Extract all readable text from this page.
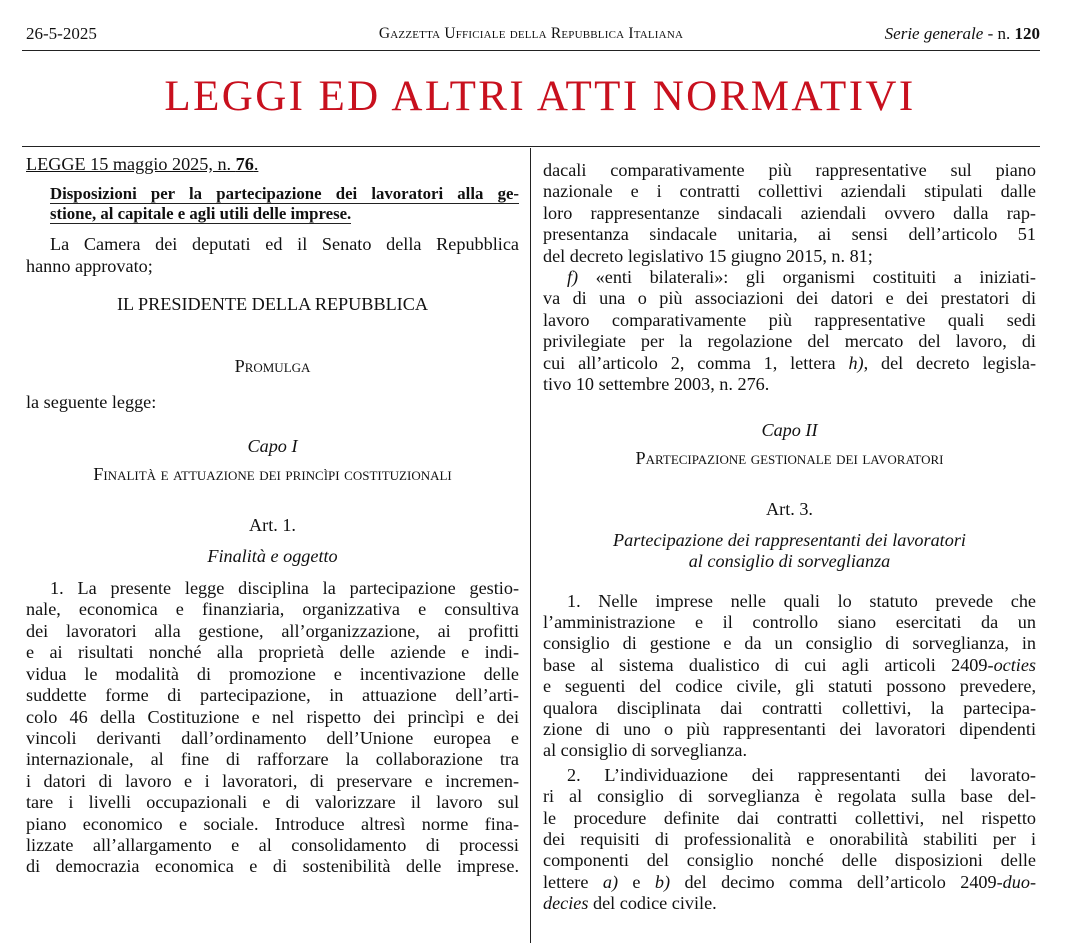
26-5-2025	Gazzetta Ufficiale della Repubblica Italiana	Serie generale - n. 120
LEGGI ED ALTRI ATTI NORMATIVI

LEGGE 15 maggio 2025, n. 76.

Disposizioni per la partecipazione dei lavoratori alla ge-
stione, al capitale e agli utili delle imprese.
La Camera dei deputati ed il Senato della Repubblica
hanno approvato;

IL PRESIDENTE DELLA REPUBBLICA

Promulga

la seguente legge:

Capo I

Finalità e attuazione dei princìpi costituzionali

Art. 1.

Finalità e oggetto

1. La presente legge disciplina la partecipazione gestio-
nale, economica e finanziaria, organizzativa e consultiva
dei lavoratori alla gestione, all’organizzazione, ai profitti
e ai risultati nonché alla proprietà delle aziende e indi-
vidua le modalità di promozione e incentivazione delle
suddette forme di partecipazione, in attuazione dell’arti-
colo 46 della Costituzione e nel rispetto dei princìpi e dei
vincoli derivanti dall’ordinamento dell’Unione europea e
internazionale, al fine di rafforzare la collaborazione tra
i datori di lavoro e i lavoratori, di preservare e incremen-
tare i livelli occupazionali e di valorizzare il lavoro sul
piano economico e sociale. Introduce altresì norme fina-
lizzate all’allargamento e al consolidamento di processi
di democrazia economica e di sostenibilità delle imprese.
dacali comparativamente più rappresentative sul piano
nazionale e i contratti collettivi aziendali stipulati dalle
loro rappresentanze sindacali aziendali ovvero dalla rap-
presentanza sindacale unitaria, ai sensi dell’articolo 51
del decreto legislativo 15 giugno 2015, n. 81;
f) «enti bilaterali»: gli organismi costituiti a iniziati-
va di una o più associazioni dei datori e dei prestatori di
lavoro comparativamente più rappresentative quali sedi
privilegiate per la regolazione del mercato del lavoro, di
cui all’articolo 2, comma 1, lettera h), del decreto legisla-
tivo 10 settembre 2003, n. 276.

Capo II

Partecipazione gestionale dei lavoratori

Art. 3.

Partecipazione dei rappresentanti dei lavoratori
al consiglio di sorveglianza
1. Nelle imprese nelle quali lo statuto prevede che
l’amministrazione e il controllo siano esercitati da un
consiglio di gestione e da un consiglio di sorveglianza, in
base al sistema dualistico di cui agli articoli 2409-octies
e seguenti del codice civile, gli statuti possono prevedere,
qualora disciplinata dai contratti collettivi, la partecipa-
zione di uno o più rappresentanti dei lavoratori dipendenti
al consiglio di sorveglianza.
2. L’individuazione dei rappresentanti dei lavorato-
ri al consiglio di sorveglianza è regolata sulla base del-
le procedure definite dai contratti collettivi, nel rispetto
dei requisiti di professionalità e onorabilità stabiliti per i
componenti del consiglio nonché delle disposizioni delle
lettere a) e b) del decimo comma dell’articolo 2409-duo-
decies del codice civile.
